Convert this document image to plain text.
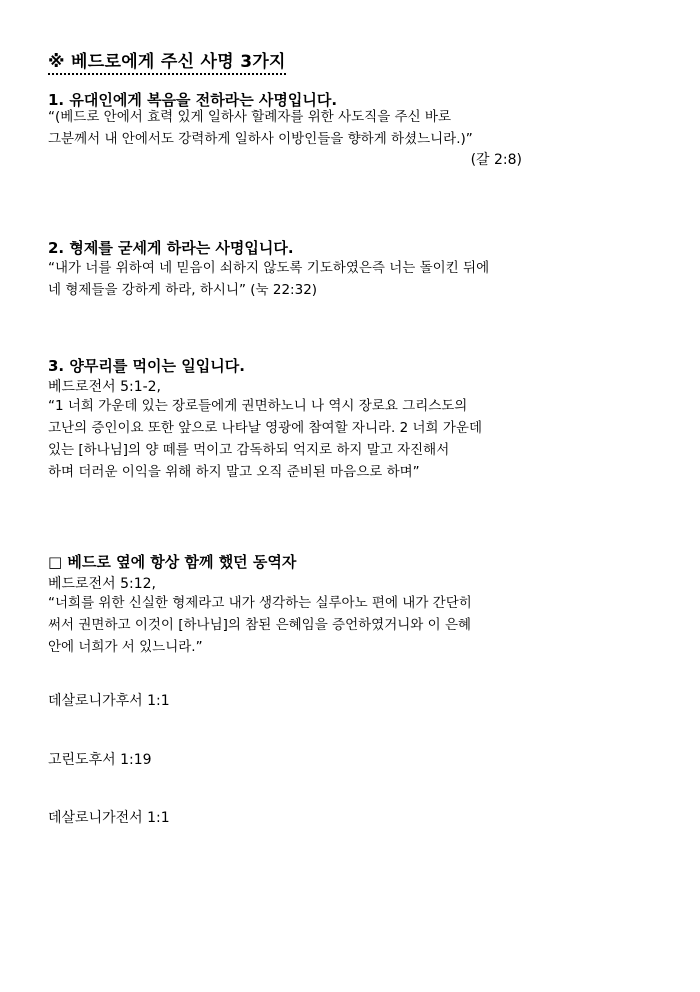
※ 베드로에게 주신 사명 3가지
1. 유대인에게 복음을 전하라는 사명입니다.
“(베드로 안에서 효력 있게 일하사 할례자를 위한 사도직을 주신 바로
그분께서 내 안에서도 강력하게 일하사 이방인들을 향하게 하셨느니라.)”
(갈 2:8)
2. 형제를 굳세게 하라는 사명입니다.
“내가 너를 위하여 네 믿음이 쇠하지 않도록 기도하였은즉 너는 돌이킨 뒤에
네 형제들을 강하게 하라, 하시니” (눅 22:32)
3. 양무리를 먹이는 일입니다.
베드로전서 5:1-2,
“1 너희 가운데 있는 장로들에게 권면하노니 나 역시 장로요 그리스도의
고난의 증인이요 또한 앞으로 나타날 영광에 참여할 자니라. 2 너희 가운데
있는 [하나님]의 양 떼를 먹이고 감독하되 억지로 하지 말고 자진해서
하며 더러운 이익을 위해 하지 말고 오직 준비된 마음으로 하며”
□ 베드로 옆에 항상 함께 했던 동역자
베드로전서 5:12,
“너희를 위한 신실한 형제라고 내가 생각하는 실루아노 편에 내가 간단히
써서 권면하고 이것이 [하나님]의 참된 은혜임을 증언하였거니와 이 은혜
안에 너희가 서 있느니라.”
데살로니가후서 1:1
고린도후서 1:19
데살로니가전서 1:1
